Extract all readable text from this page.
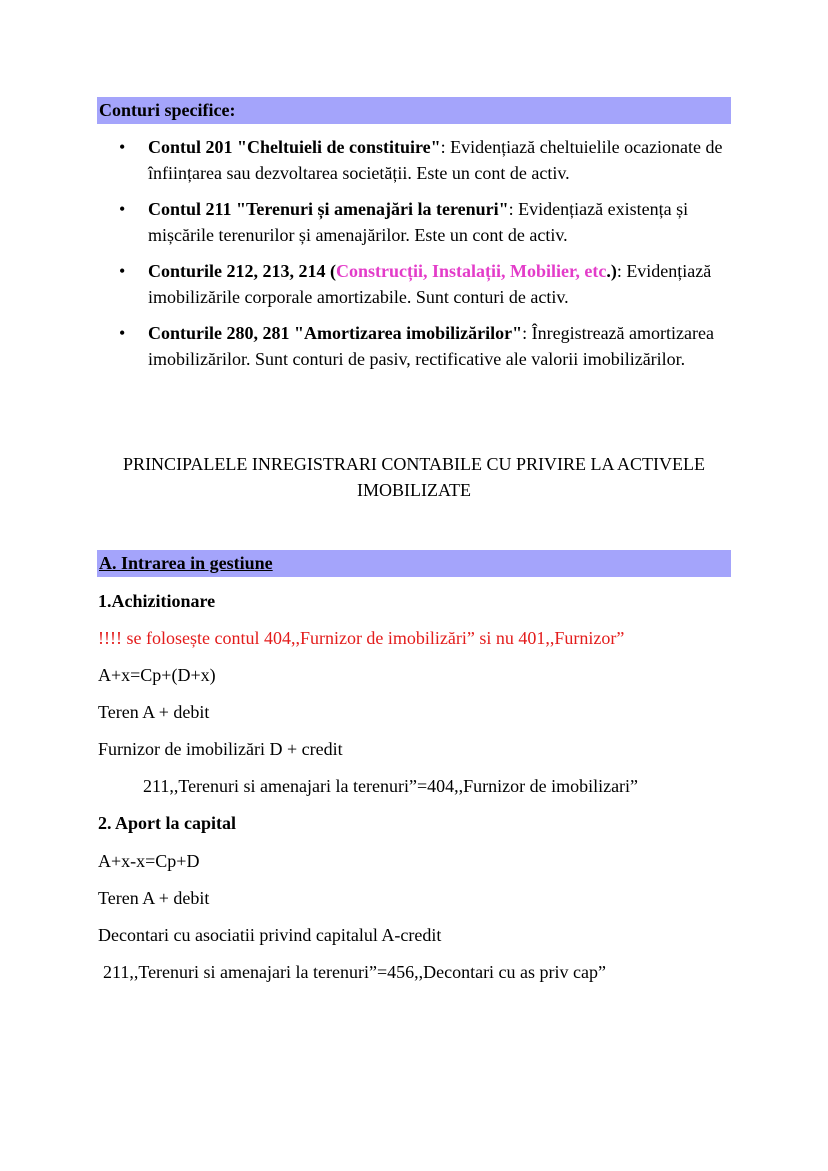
Conturi specifice:
• Contul 201 "Cheltuieli de constituire": Evidențiază cheltuielile ocazionate de înființarea sau dezvoltarea societății. Este un cont de activ.
• Contul 211 "Terenuri și amenajări la terenuri": Evidențiază existența și mișcările terenurilor și amenajărilor. Este un cont de activ.
• Conturile 212, 213, 214 (Construcții, Instalații, Mobilier, etc.): Evidențiază imobilizările corporale amortizabile. Sunt conturi de activ.
• Conturile 280, 281 "Amortizarea imobilizărilor": Înregistrează amortizarea imobilizărilor. Sunt conturi de pasiv, rectificative ale valorii imobilizărilor.
PRINCIPALELE INREGISTRARI CONTABILE CU PRIVIRE LA ACTIVELE
IMOBILIZATE
A. Intrarea in gestiune
1.Achizitionare
!!!! se folosește contul 404,,Furnizor de imobilizări” si nu 401,,Furnizor”
A+x=Cp+(D+x)
Teren A + debit
Furnizor de imobilizări D + credit
211,,Terenuri si amenajari la terenuri”=404,,Furnizor de imobilizari”
2. Aport la capital
A+x-x=Cp+D
Teren A + debit
Decontari cu asociatii privind capitalul A-credit
211,,Terenuri si amenajari la terenuri”=456,,Decontari cu as priv cap”
